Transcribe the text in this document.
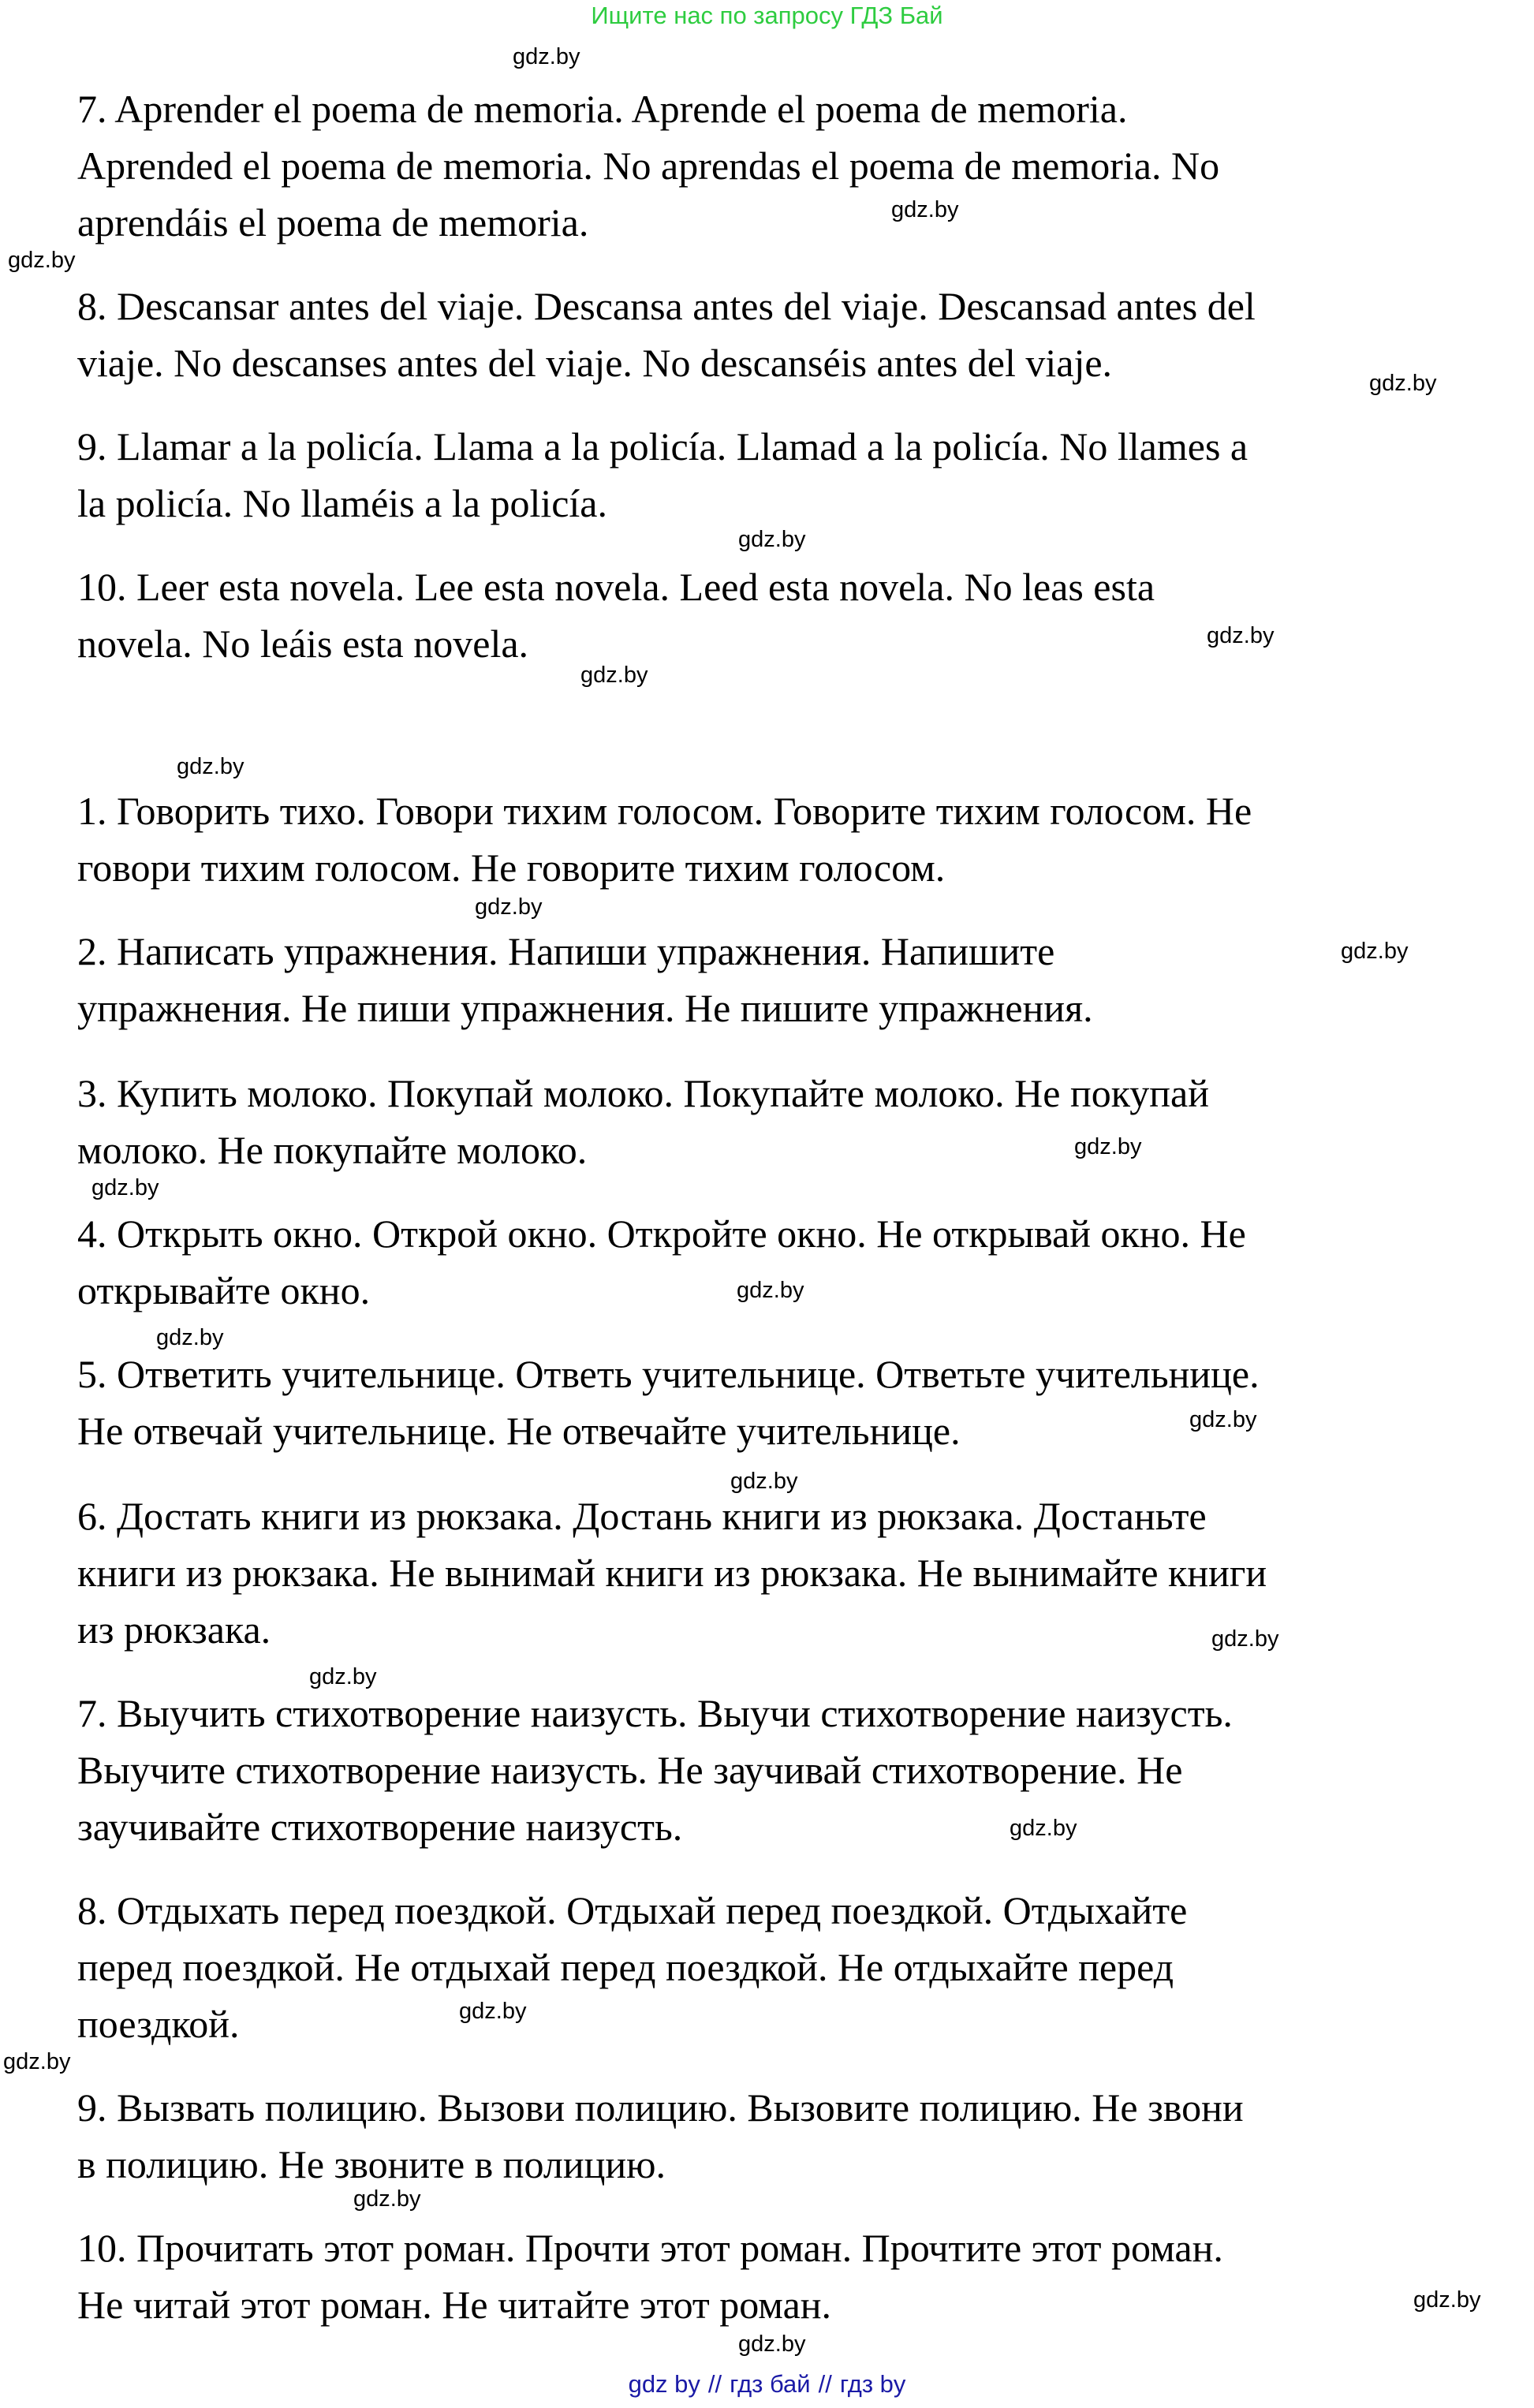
Ищите нас по запросу ГДЗ Бай
7. Aprender el poema de memoria. Aprende el poema de memoria.
Aprended el poema de memoria. No aprendas el poema de memoria. No
aprendáis el poema de memoria.
8. Descansar antes del viaje. Descansa antes del viaje. Descansad antes del
viaje. No descanses antes del viaje. No descanséis antes del viaje.
9. Llamar a la policía. Llama a la policía. Llamad a la policía. No llames a
la policía. No llaméis a la policía.
10. Leer esta novela. Lee esta novela. Leed esta novela. No leas esta
novela. No leáis esta novela.
1. Говорить тихо. Говори тихим голосом. Говорите тихим голосом. Не
говори тихим голосом. Не говорите тихим голосом.
2. Написать упражнения. Напиши упражнения. Напишите
упражнения. Не пиши упражнения. Не пишите упражнения.
3. Купить молоко. Покупай молоко. Покупайте молоко. Не покупай
молоко. Не покупайте молоко.
4. Открыть окно. Открой окно. Откройте окно. Не открывай окно. Не
открывайте окно.
5. Ответить учительнице. Ответь учительнице. Ответьте учительнице.
Не отвечай учительнице. Не отвечайте учительнице.
6. Достать книги из рюкзака. Достань книги из рюкзака. Достаньте
книги из рюкзака. Не вынимай книги из рюкзака. Не вынимайте книги
из рюкзака.
7. Выучить стихотворение наизусть. Выучи стихотворение наизусть.
Выучите стихотворение наизусть. Не заучивай стихотворение. Не
заучивайте стихотворение наизусть.
8. Отдыхать перед поездкой. Отдыхай перед поездкой. Отдыхайте
перед поездкой. Не отдыхай перед поездкой. Не отдыхайте перед
поездкой.
9. Вызвать полицию. Вызови полицию. Вызовите полицию. Не звони
в полицию. Не звоните в полицию.
10. Прочитать этот роман. Прочти этот роман. Прочтите этот роман.
Не читай этот роман. Не читайте этот роман.
gdz.by
gdz.by
gdz.by
gdz.by
gdz.by
gdz.by
gdz.by
gdz.by
gdz.by
gdz.by
gdz.by
gdz.by
gdz.by
gdz.by
gdz.by
gdz.by
gdz.by
gdz.by
gdz.by
gdz.by
gdz.by
gdz.by
gdz.by
gdz.by
gdz by // гдз бай // гдз by
